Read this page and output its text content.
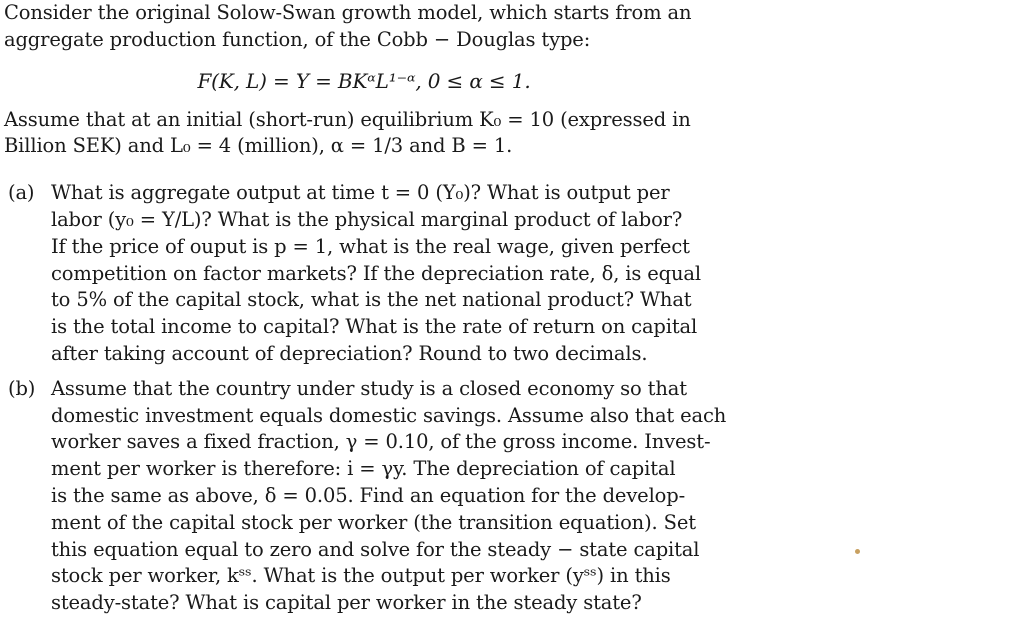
Consider the original Solow-Swan growth model, which starts from an
aggregate production function, of the Cobb − Douglas type:
F(K, L) = Y = BKᵅL¹⁻ᵅ, 0 ≤ α ≤ 1.
Assume that at an initial (short-run) equilibrium K₀ = 10 (expressed in
Billion SEK) and L₀ = 4 (million), α = 1/3 and B = 1.
(a) What is aggregate output at time t = 0 (Y₀)? What is output per
labor (y₀ = Y/L)? What is the physical marginal product of labor?
If the price of ouput is p = 1, what is the real wage, given perfect
competition on factor markets? If the depreciation rate, δ, is equal
to 5% of the capital stock, what is the net national product? What
is the total income to capital? What is the rate of return on capital
after taking account of depreciation? Round to two decimals.
(b) Assume that the country under study is a closed economy so that
domestic investment equals domestic savings. Assume also that each
worker saves a fixed fraction, γ = 0.10, of the gross income. Invest-
ment per worker is therefore: i = γy. The depreciation of capital
is the same as above, δ = 0.05. Find an equation for the develop-
ment of the capital stock per worker (the transition equation). Set
this equation equal to zero and solve for the steady − state capital
stock per worker, kˢˢ. What is the output per worker (yˢˢ) in this
steady-state? What is capital per worker in the steady state?
